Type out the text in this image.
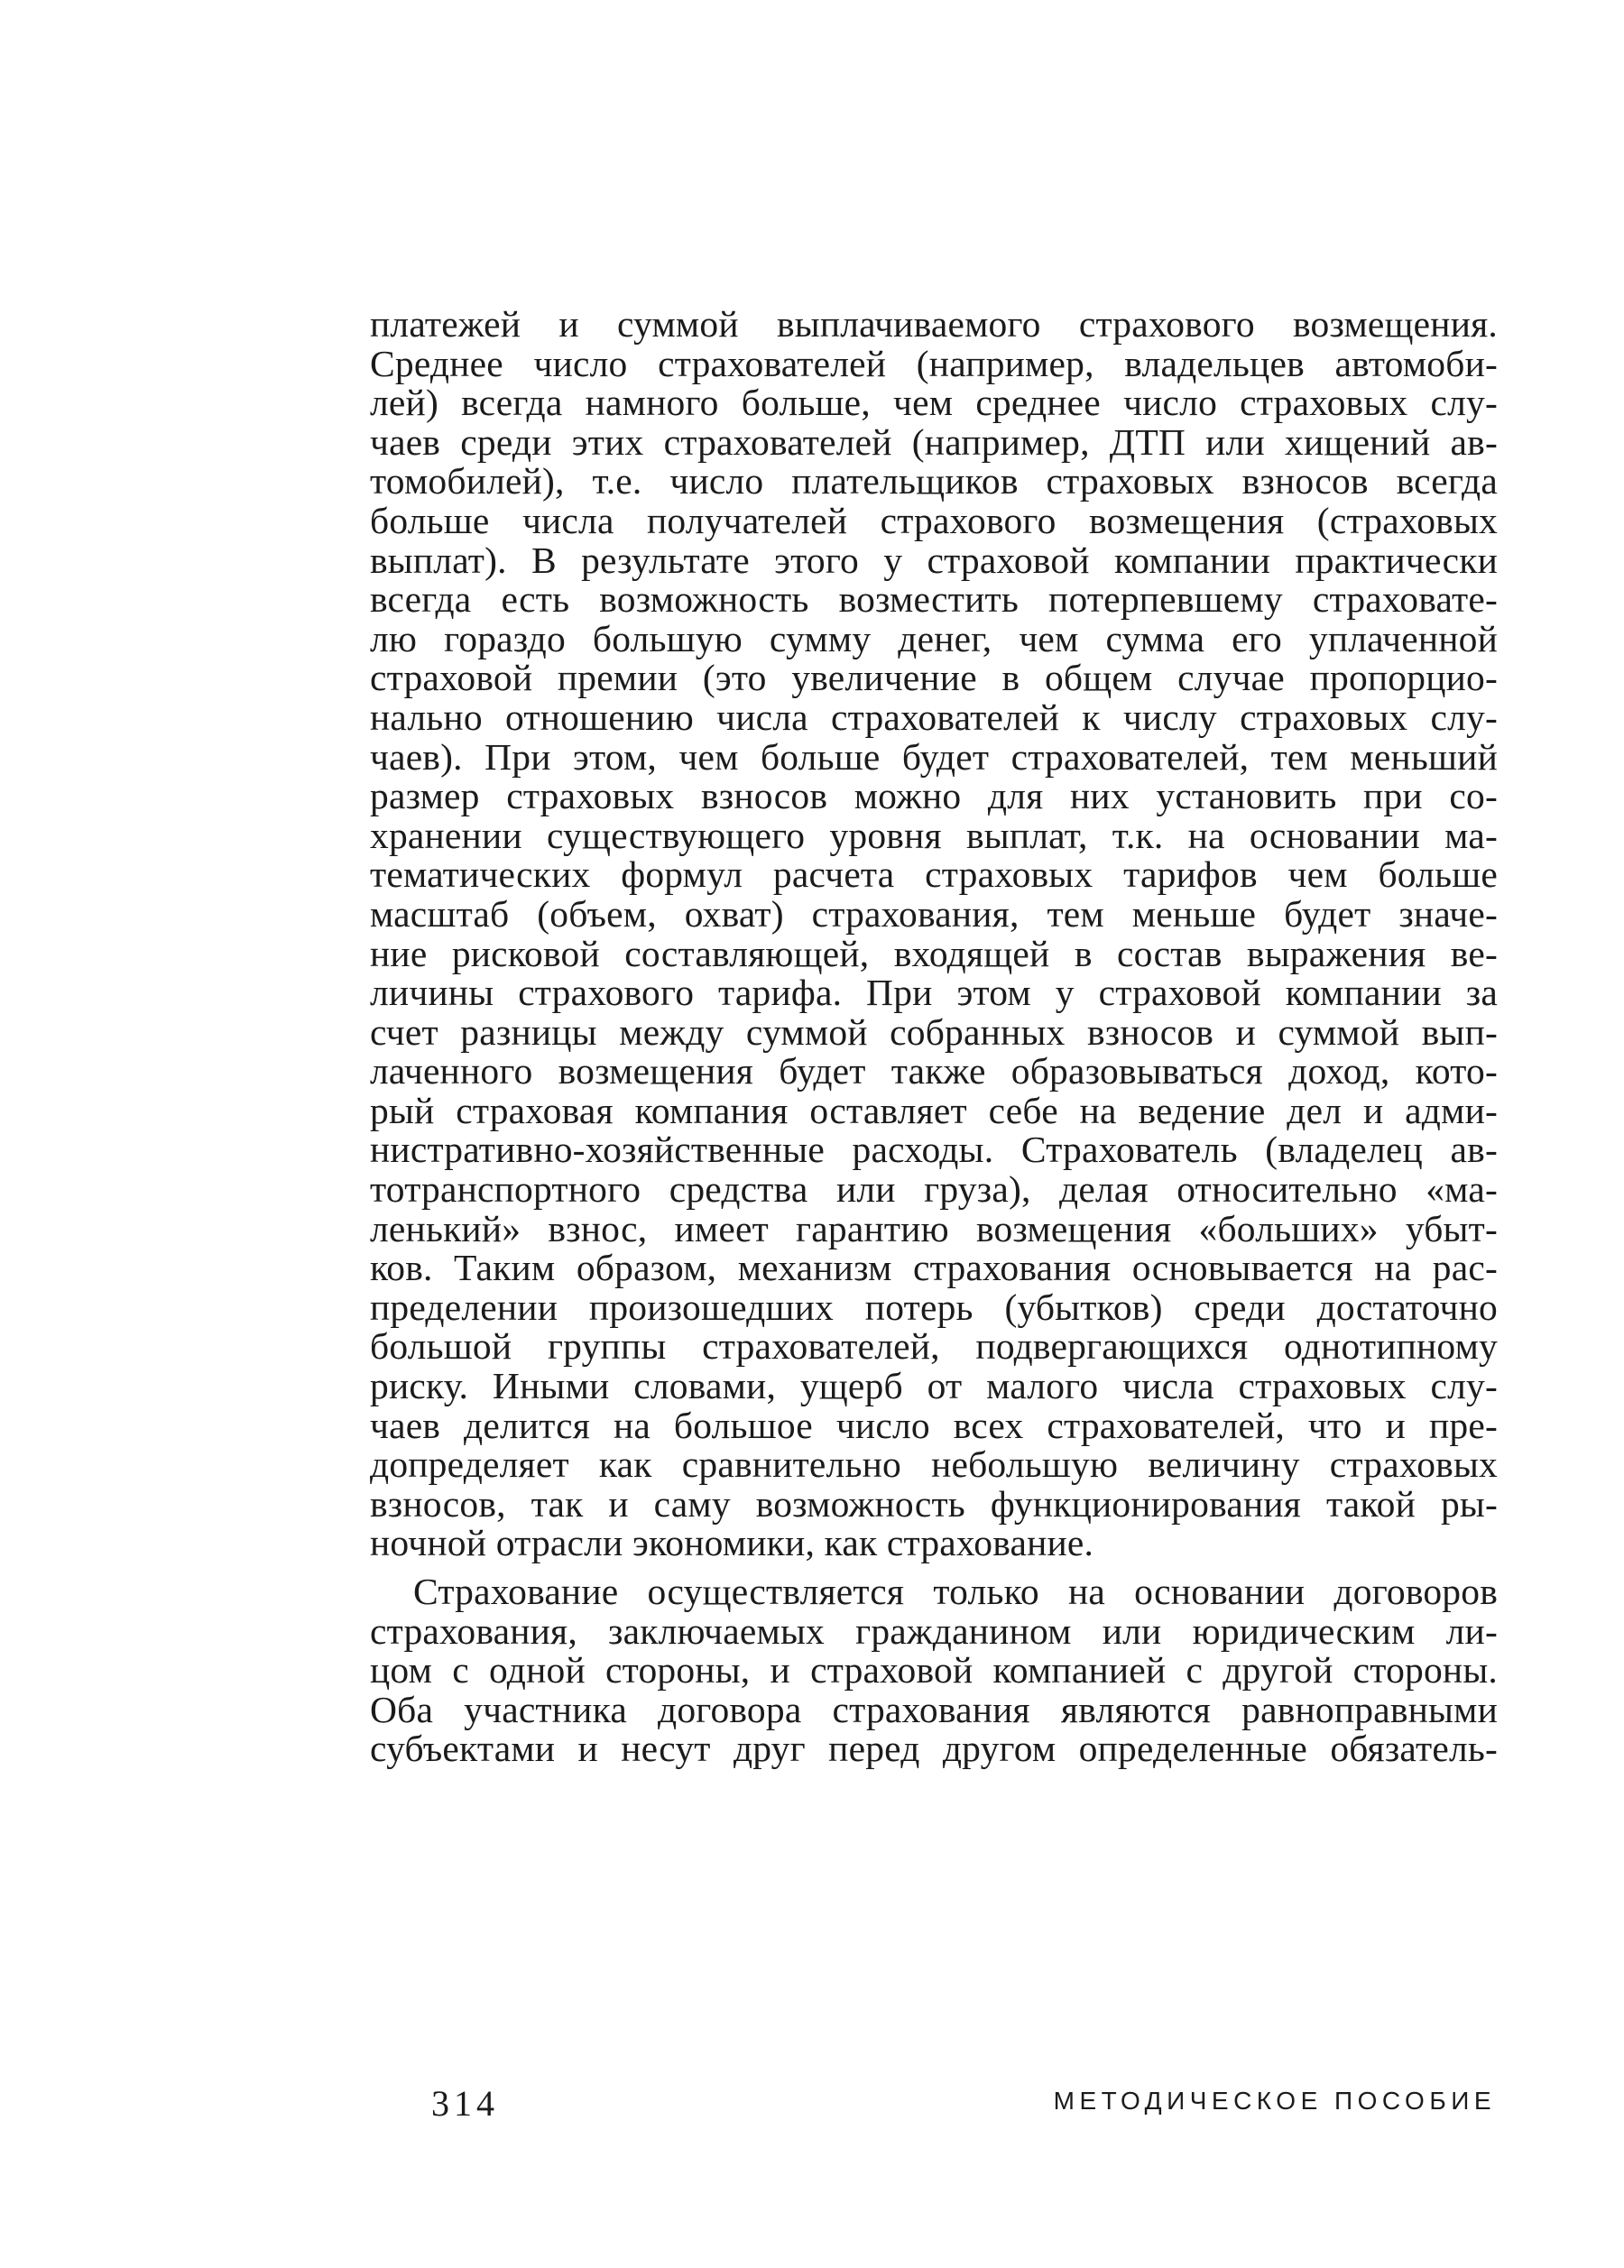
платежей и суммой выплачиваемого страхового возмещения.
Среднее число страхователей (например, владельцев автомоби-
лей) всегда намного больше, чем среднее число страховых слу-
чаев среди этих страхователей (например, ДТП или хищений ав-
томобилей), т.е. число плательщиков страховых взносов всегда
больше числа получателей страхового возмещения (страховых
выплат). В результате этого у страховой компании практически
всегда есть возможность возместить потерпевшему страховате-
лю гораздо большую сумму денег, чем сумма его уплаченной
страховой премии (это увеличение в общем случае пропорцио-
нально отношению числа страхователей к числу страховых слу-
чаев). При этом, чем больше будет страхователей, тем меньший
размер страховых взносов можно для них установить при со-
хранении существующего уровня выплат, т.к. на основании ма-
тематических формул расчета страховых тарифов чем больше
масштаб (объем, охват) страхования, тем меньше будет значе-
ние рисковой составляющей, входящей в состав выражения ве-
личины страхового тарифа. При этом у страховой компании за
счет разницы между суммой собранных взносов и суммой вып-
лаченного возмещения будет также образовываться доход, кото-
рый страховая компания оставляет себе на ведение дел и адми-
нистративно-хозяйственные расходы. Страхователь (владелец ав-
тотранспортного средства или груза), делая относительно «ма-
ленький» взнос, имеет гарантию возмещения «больших» убыт-
ков. Таким образом, механизм страхования основывается на рас-
пределении произошедших потерь (убытков) среди достаточно
большой группы страхователей, подвергающихся однотипному
риску. Иными словами, ущерб от малого числа страховых слу-
чаев делится на большое число всех страхователей, что и пре-
допределяет как сравнительно небольшую величину страховых
взносов, так и саму возможность функционирования такой ры-
ночной отрасли экономики, как страхование.
Страхование осуществляется только на основании договоров
страхования, заключаемых гражданином или юридическим ли-
цом с одной стороны, и страховой компанией с другой стороны.
Оба участника договора страхования являются равноправными
субъектами и несут друг перед другом определенные обязатель-
314	МЕТОДИЧЕСКОЕ ПОСОБИЕ
